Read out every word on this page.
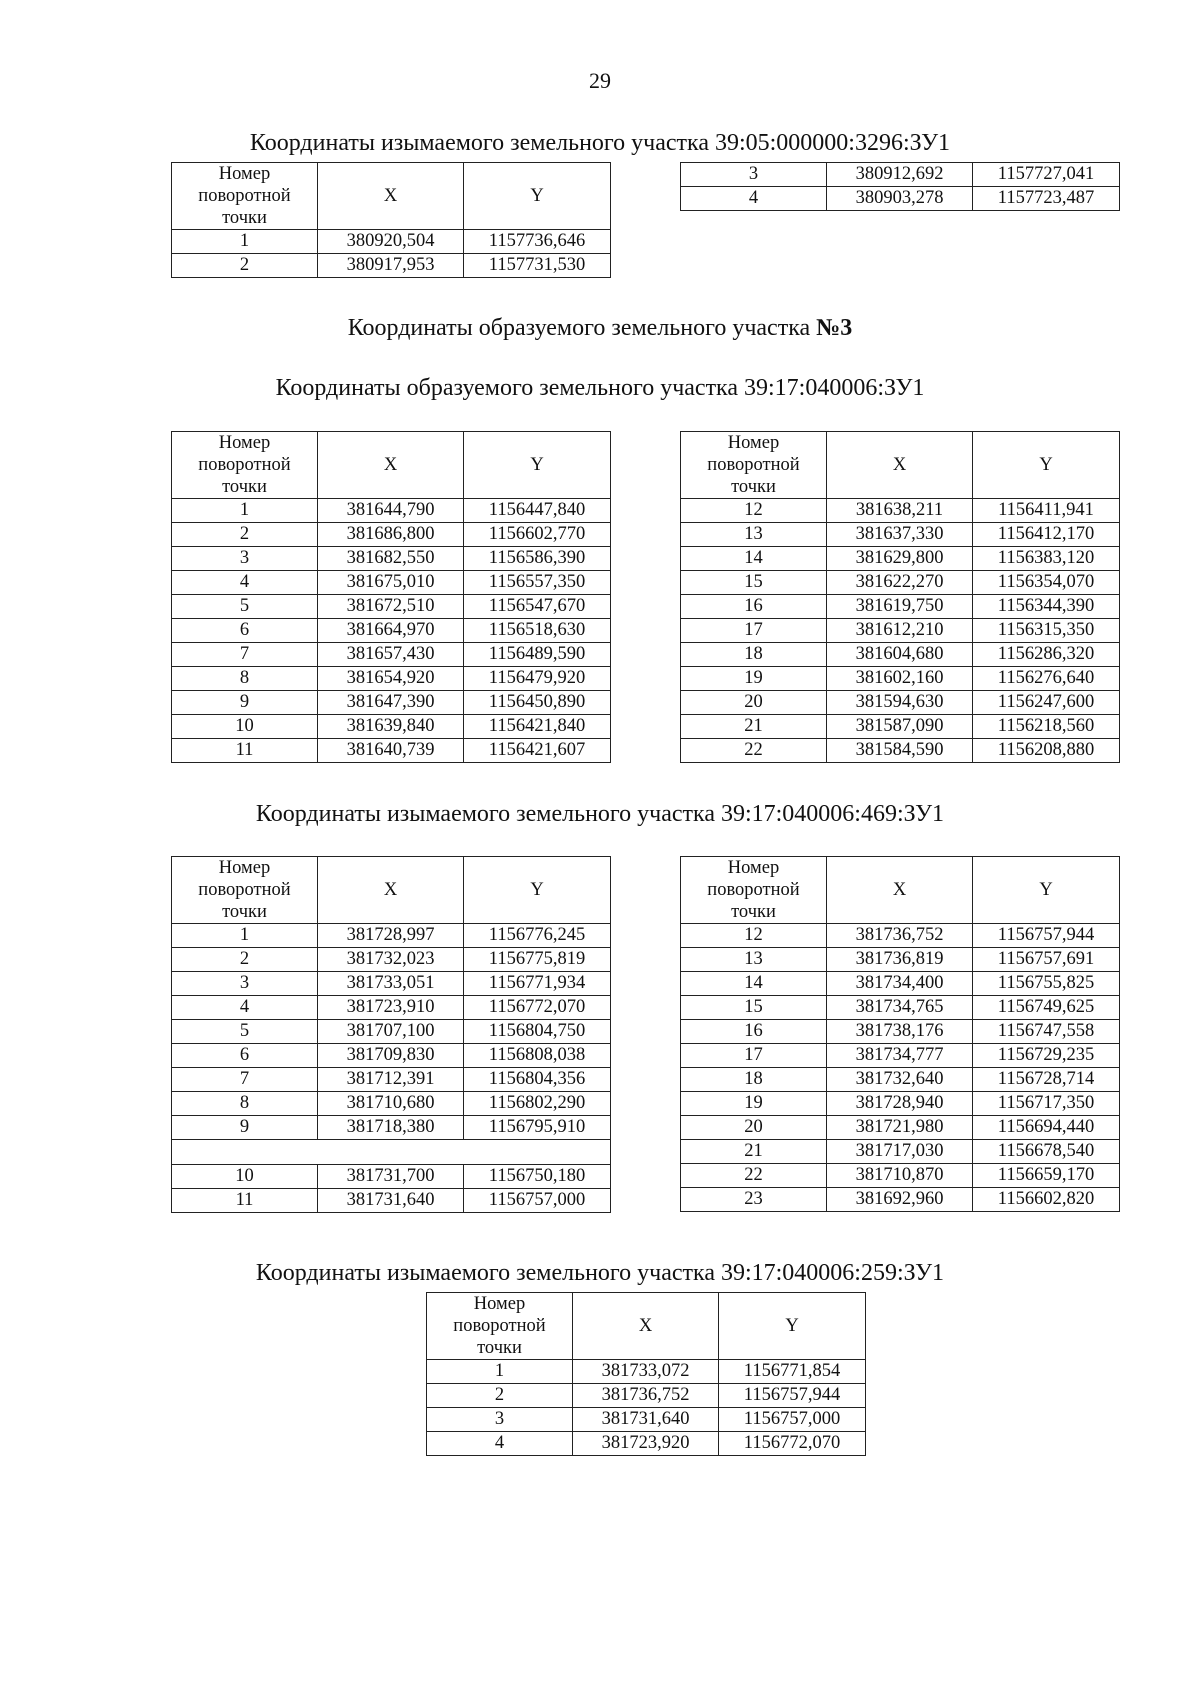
29
Координаты изымаемого земельного участка 39:05:000000:3296:ЗУ1
Номер
поворотной
точки	X	Y
1	380920,504	1157736,646
2	380917,953	1157731,530
3	380912,692	1157727,041
4	380903,278	1157723,487
Координаты образуемого земельного участка №3
Координаты образуемого земельного участка 39:17:040006:ЗУ1
Номер
поворотной
точки	X	Y
1	381644,790	1156447,840
2	381686,800	1156602,770
3	381682,550	1156586,390
4	381675,010	1156557,350
5	381672,510	1156547,670
6	381664,970	1156518,630
7	381657,430	1156489,590
8	381654,920	1156479,920
9	381647,390	1156450,890
10	381639,840	1156421,840
11	381640,739	1156421,607
Номер
поворотной
точки	X	Y
12	381638,211	1156411,941
13	381637,330	1156412,170
14	381629,800	1156383,120
15	381622,270	1156354,070
16	381619,750	1156344,390
17	381612,210	1156315,350
18	381604,680	1156286,320
19	381602,160	1156276,640
20	381594,630	1156247,600
21	381587,090	1156218,560
22	381584,590	1156208,880
Координаты изымаемого земельного участка 39:17:040006:469:ЗУ1
Номер
поворотной
точки	X	Y
1	381728,997	1156776,245
2	381732,023	1156775,819
3	381733,051	1156771,934
4	381723,910	1156772,070
5	381707,100	1156804,750
6	381709,830	1156808,038
7	381712,391	1156804,356
8	381710,680	1156802,290
9	381718,380	1156795,910

10	381731,700	1156750,180
11	381731,640	1156757,000
Номер
поворотной
точки	X	Y
12	381736,752	1156757,944
13	381736,819	1156757,691
14	381734,400	1156755,825
15	381734,765	1156749,625
16	381738,176	1156747,558
17	381734,777	1156729,235
18	381732,640	1156728,714
19	381728,940	1156717,350
20	381721,980	1156694,440
21	381717,030	1156678,540
22	381710,870	1156659,170
23	381692,960	1156602,820
Координаты изымаемого земельного участка 39:17:040006:259:ЗУ1
Номер
поворотной
точки	X	Y
1	381733,072	1156771,854
2	381736,752	1156757,944
3	381731,640	1156757,000
4	381723,920	1156772,070
